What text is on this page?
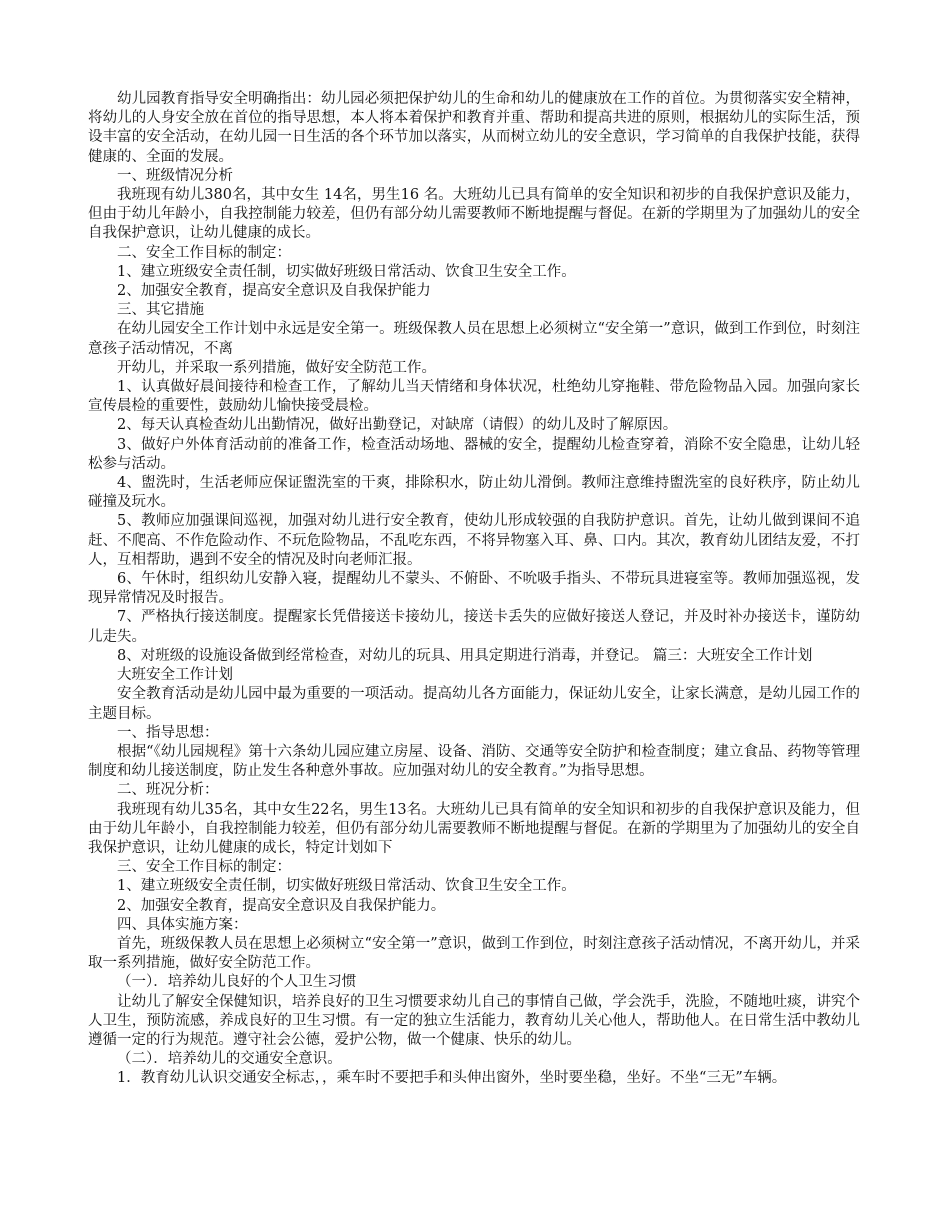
幼儿园教育指导安全明确指出：幼儿园必须把保护幼儿的生命和幼儿的健康放在工作的首位。为贯彻落实安全精神，将幼儿的人身安全放在首位的指导思想，本人将本着保护和教育并重、帮助和提高共进的原则，根据幼儿的实际生活，预设丰富的安全活动，在幼儿园一日生活的各个环节加以落实，从而树立幼儿的安全意识，学习简单的自我保护技能，获得健康的、全面的发展。

一、班级情况分析

我班现有幼儿380名，其中女生 14名，男生16 名。大班幼儿已具有简单的安全知识和初步的自我保护意识及能力，但由于幼儿年龄小，自我控制能力较差，但仍有部分幼儿需要教师不断地提醒与督促。在新的学期里为了加强幼儿的安全自我保护意识，让幼儿健康的成长。

二、安全工作目标的制定：

1、建立班级安全责任制，切实做好班级日常活动、饮食卫生安全工作。

2、加强安全教育，提高安全意识及自我保护能力

三、其它措施

在幼儿园安全工作计划中永远是安全第一。班级保教人员在思想上必须树立“安全第一”意识，做到工作到位，时刻注意孩子活动情况，不离

开幼儿，并采取一系列措施，做好安全防范工作。

1、认真做好晨间接待和检查工作，了解幼儿当天情绪和身体状况，杜绝幼儿穿拖鞋、带危险物品入园。加强向家长宣传晨检的重要性，鼓励幼儿愉快接受晨检。

2、每天认真检查幼儿出勤情况，做好出勤登记，对缺席（请假）的幼儿及时了解原因。

3、做好户外体育活动前的准备工作，检查活动场地、器械的安全，提醒幼儿检查穿着，消除不安全隐患，让幼儿轻松参与活动。

4、盥洗时，生活老师应保证盥洗室的干爽，排除积水，防止幼儿滑倒。教师注意维持盥洗室的良好秩序，防止幼儿碰撞及玩水。

5、教师应加强课间巡视，加强对幼儿进行安全教育，使幼儿形成较强的自我防护意识。首先，让幼儿做到课间不追赶、不爬高、不作危险动作、不玩危险物品，不乱吃东西，不将异物塞入耳、鼻、口内。其次，教育幼儿团结友爱，不打人，互相帮助，遇到不安全的情况及时向老师汇报。

6、午休时，组织幼儿安静入寝，提醒幼儿不蒙头、不俯卧、不吮吸手指头、不带玩具进寝室等。教师加强巡视，发现异常情况及时报告。

7、严格执行接送制度。提醒家长凭借接送卡接幼儿，接送卡丢失的应做好接送人登记，并及时补办接送卡，谨防幼儿走失。

8、对班级的设施设备做到经常检查，对幼儿的玩具、用具定期进行消毒，并登记。 篇三：大班安全工作计划

大班安全工作计划

安全教育活动是幼儿园中最为重要的一项活动。提高幼儿各方面能力，保证幼儿安全，让家长满意，是幼儿园工作的主题目标。

一、指导思想：

根据“《幼儿园规程》第十六条幼儿园应建立房屋、设备、消防、交通等安全防护和检查制度；建立食品、药物等管理制度和幼儿接送制度，防止发生各种意外事故。应加强对幼儿的安全教育。”为指导思想。

二、班况分析：

我班现有幼儿35名，其中女生22名，男生13名。大班幼儿已具有简单的安全知识和初步的自我保护意识及能力，但由于幼儿年龄小，自我控制能力较差，但仍有部分幼儿需要教师不断地提醒与督促。在新的学期里为了加强幼儿的安全自我保护意识，让幼儿健康的成长，特定计划如下

三、安全工作目标的制定：

1、建立班级安全责任制，切实做好班级日常活动、饮食卫生安全工作。

2、加强安全教育，提高安全意识及自我保护能力。

四、具体实施方案：

首先，班级保教人员在思想上必须树立“安全第一”意识，做到工作到位，时刻注意孩子活动情况，不离开幼儿，并采取一系列措施，做好安全防范工作。

（一）．培养幼儿良好的个人卫生习惯

让幼儿了解安全保健知识，培养良好的卫生习惯要求幼儿自己的事情自己做，学会洗手，洗脸，不随地吐痰，讲究个人卫生，预防流感，养成良好的卫生习惯。有一定的独立生活能力，教育幼儿关心他人，帮助他人。在日常生活中教幼儿遵循一定的行为规范。遵守社会公德，爱护公物，做一个健康、快乐的幼儿。

（二）．培养幼儿的交通安全意识。

1．教育幼儿认识交通安全标志，，乘车时不要把手和头伸出窗外，坐时要坐稳，坐好。不坐“三无”车辆。
